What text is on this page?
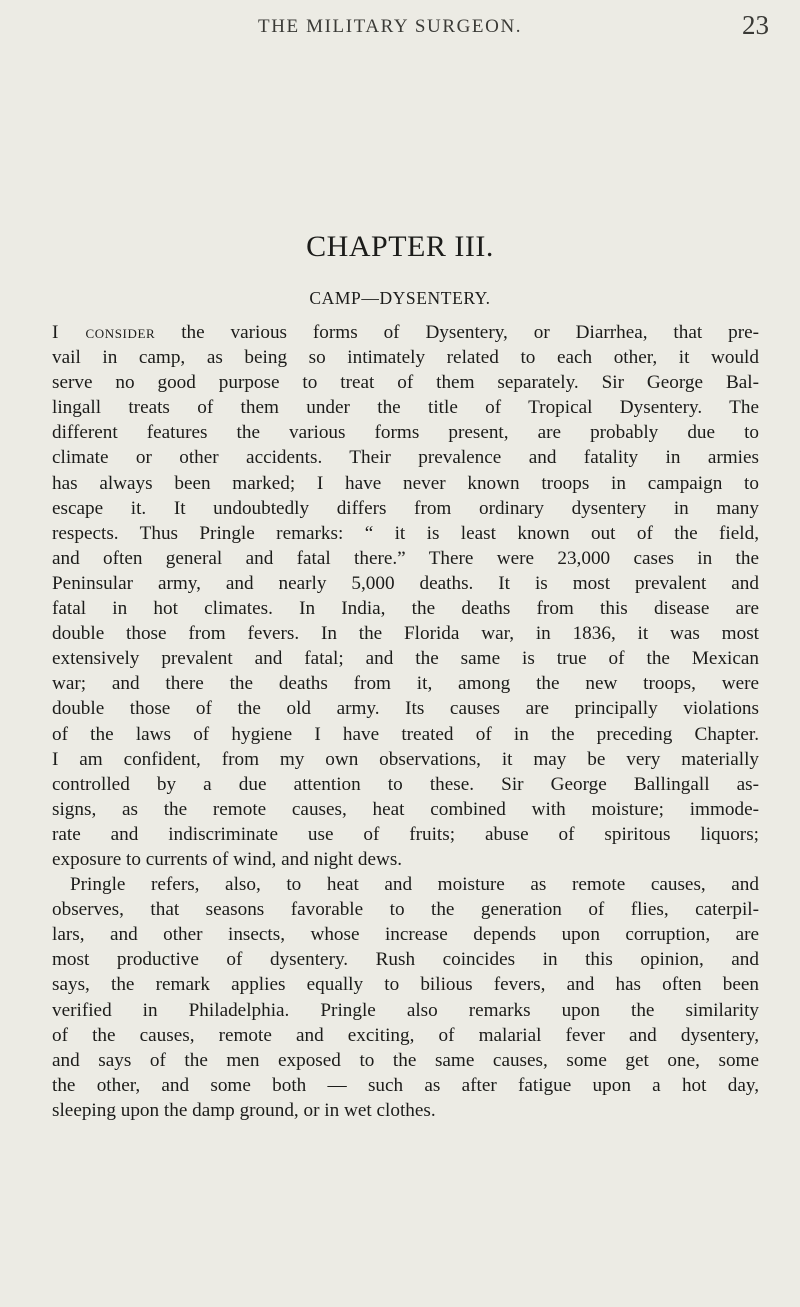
THE MILITARY SURGEON.	23
CHAPTER III.
CAMP—DYSENTERY.
I consider the various forms of Dysentery, or Diarrhea, that pre-
vail in camp, as being so intimately related to each other, it would
serve no good purpose to treat of them separately. Sir George Bal-
lingall treats of them under the title of Tropical Dysentery. The
different features the various forms present, are probably due to
climate or other accidents. Their prevalence and fatality in armies
has always been marked; I have never known troops in campaign to
escape it. It undoubtedly differs from ordinary dysentery in many
respects. Thus Pringle remarks: “ it is least known out of the field,
and often general and fatal there.” There were 23,000 cases in the
Peninsular army, and nearly 5,000 deaths. It is most prevalent and
fatal in hot climates. In India, the deaths from this disease are
double those from fevers. In the Florida war, in 1836, it was most
extensively prevalent and fatal; and the same is true of the Mexican
war; and there the deaths from it, among the new troops, were
double those of the old army. Its causes are principally violations
of the laws of hygiene I have treated of in the preceding Chapter.
I am confident, from my own observations, it may be very materially
controlled by a due attention to these. Sir George Ballingall as-
signs, as the remote causes, heat combined with moisture; immode-
rate and indiscriminate use of fruits; abuse of spiritous liquors;
exposure to currents of wind, and night dews.
Pringle refers, also, to heat and moisture as remote causes, and
observes, that seasons favorable to the generation of flies, caterpil-
lars, and other insects, whose increase depends upon corruption, are
most productive of dysentery. Rush coincides in this opinion, and
says, the remark applies equally to bilious fevers, and has often been
verified in Philadelphia. Pringle also remarks upon the similarity
of the causes, remote and exciting, of malarial fever and dysentery,
and says of the men exposed to the same causes, some get one, some
the other, and some both — such as after fatigue upon a hot day,
sleeping upon the damp ground, or in wet clothes.
